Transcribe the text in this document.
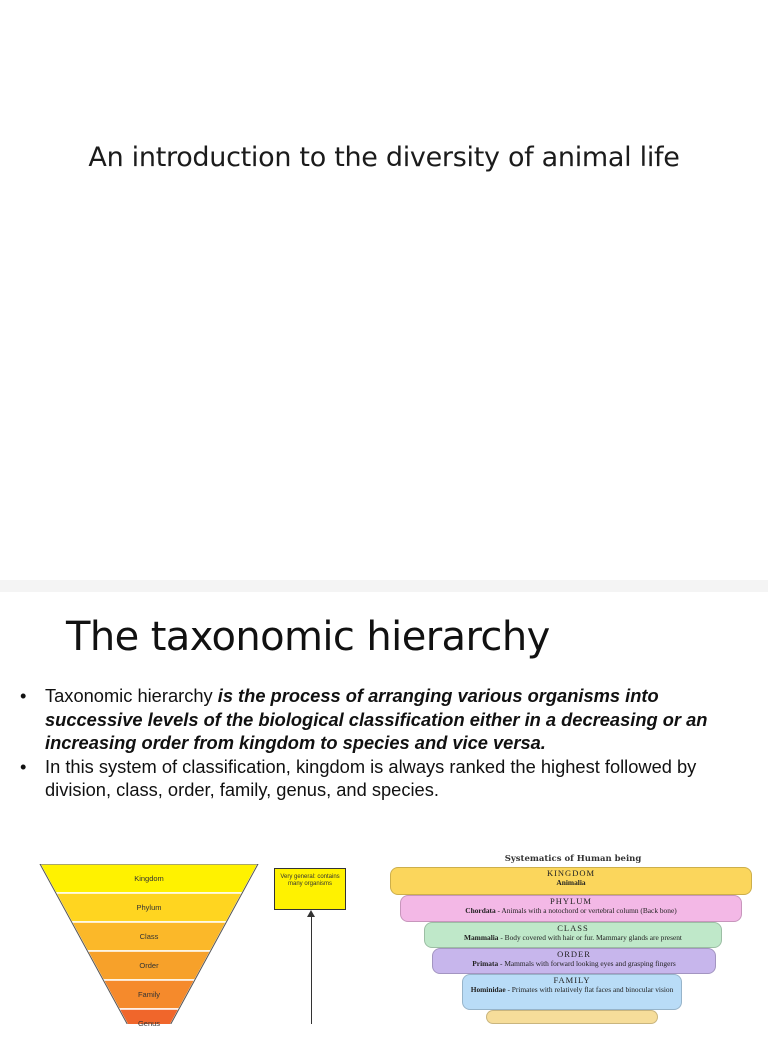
An introduction to the diversity of animal life
The taxonomic hierarchy
• Taxonomic hierarchy is the process of arranging various organisms into successive levels of the biological classification either in a decreasing or an increasing order from kingdom to species and vice versa.
• In this system of classification, kingdom is always ranked the highest followed by division, class, order, family, genus, and species.
Kingdom
Phylum
Class
Order
Family
Genus
Very general: contains many organisms
Systematics of Human being
KINGDOM
Animalia
PHYLUM
Chordata - Animals with a notochord or vertebral column (Back bone)
CLASS
Mammalia - Body covered with hair or fur. Mammary glands are present
ORDER
Primata - Mammals with forward looking eyes and grasping fingers
FAMILY
Hominidae - Primates with relatively flat faces and binocular vision
